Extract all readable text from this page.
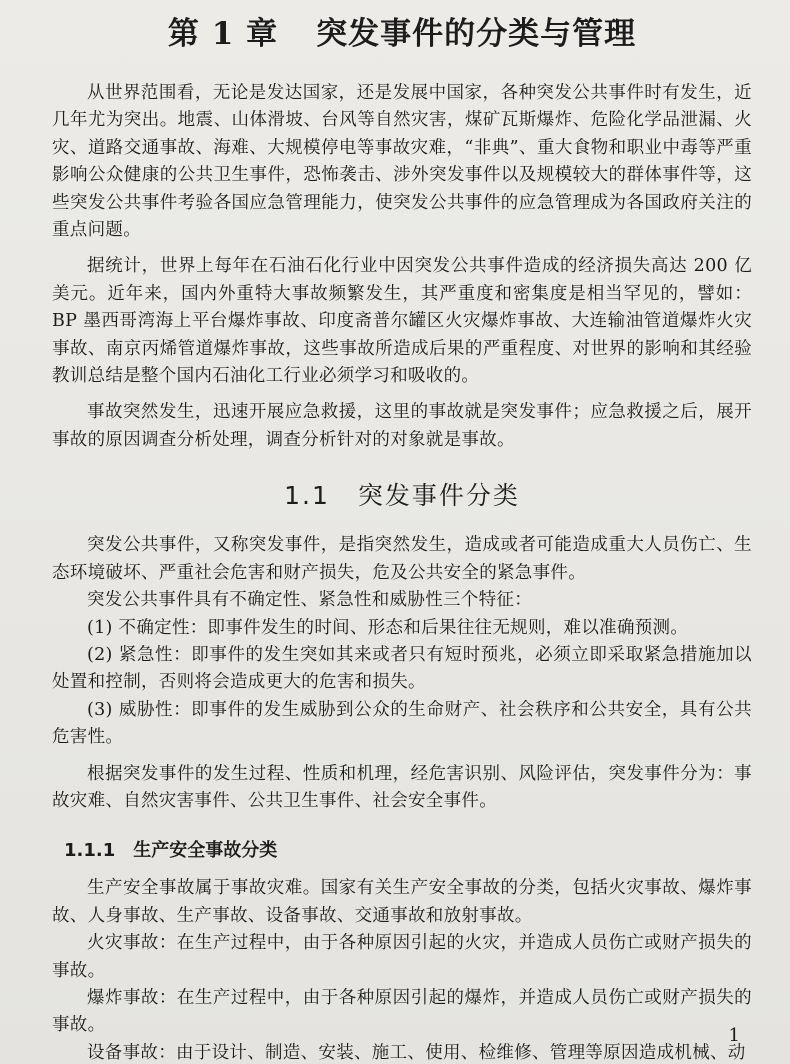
第 1 章 突发事件的分类与管理

从世界范围看，无论是发达国家，还是发展中国家，各种突发公共事件时有发生，近几年尤为突出。地震、山体滑坡、台风等自然灾害，煤矿瓦斯爆炸、危险化学品泄漏、火灾、道路交通事故、海难、大规模停电等事故灾难，“非典”、重大食物和职业中毒等严重影响公众健康的公共卫生事件，恐怖袭击、涉外突发事件以及规模较大的群体事件等，这些突发公共事件考验各国应急管理能力，使突发公共事件的应急管理成为各国政府关注的重点问题。

据统计，世界上每年在石油石化行业中因突发公共事件造成的经济损失高达 200 亿美元。近年来，国内外重特大事故频繁发生，其严重度和密集度是相当罕见的，譬如：BP 墨西哥湾海上平台爆炸事故、印度斋普尔罐区火灾爆炸事故、大连输油管道爆炸火灾事故、南京丙烯管道爆炸事故，这些事故所造成后果的严重程度、对世界的影响和其经验教训总结是整个国内石油化工行业必须学习和吸收的。

事故突然发生，迅速开展应急救援，这里的事故就是突发事件；应急救援之后，展开事故的原因调查分析处理，调查分析针对的对象就是事故。

1.1 突发事件分类

突发公共事件，又称突发事件，是指突然发生，造成或者可能造成重大人员伤亡、生态环境破坏、严重社会危害和财产损失，危及公共安全的紧急事件。

突发公共事件具有不确定性、紧急性和威胁性三个特征：

(1) 不确定性：即事件发生的时间、形态和后果往往无规则，难以准确预测。

(2) 紧急性：即事件的发生突如其来或者只有短时预兆，必须立即采取紧急措施加以处置和控制，否则将会造成更大的危害和损失。

(3) 威胁性：即事件的发生威胁到公众的生命财产、社会秩序和公共安全，具有公共危害性。

根据突发事件的发生过程、性质和机理，经危害识别、风险评估，突发事件分为：事故灾难、自然灾害事件、公共卫生事件、社会安全事件。

1.1.1 生产安全事故分类

生产安全事故属于事故灾难。国家有关生产安全事故的分类，包括火灾事故、爆炸事故、人身事故、生产事故、设备事故、交通事故和放射事故。

火灾事故：在生产过程中，由于各种原因引起的火灾，并造成人员伤亡或财产损失的事故。

爆炸事故：在生产过程中，由于各种原因引起的爆炸，并造成人员伤亡或财产损失的事故。

设备事故：由于设计、制造、安装、施工、使用、检维修、管理等原因造成机械、动

1
